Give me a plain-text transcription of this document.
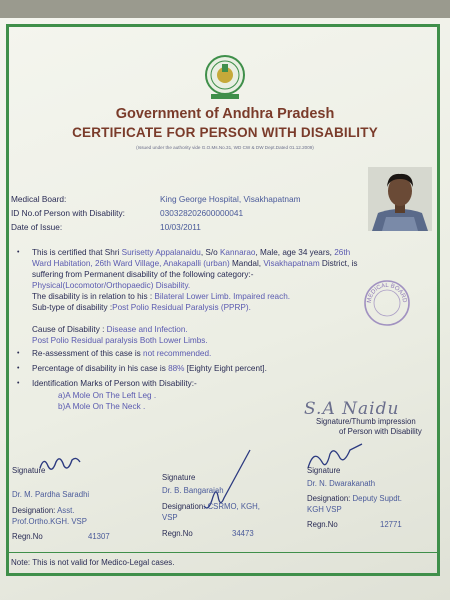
Government of Andhra Pradesh
CERTIFICATE FOR PERSON WITH DISABILITY
(Issued under the authority vide G.O.Ms.No.31, WD CW & DW Dept.Dated 01.12.2009)
Medical Board:	King George Hospital, Visakhapatnam
ID No.of Person with Disability:	030328202600000041
Date of Issue:	10/03/2011
• This is certified that Shri Surisetty Appalanaidu, S/o Kannarao, Male, age 34 years, 26th
Ward Habitation, 26th Ward Village, Anakapalli (urban) Mandal, Visakhapatnam District, is
suffering from Permanent disability of the following category:-
Physical(Locomotor/Orthopaedic) Disability.
The disability is in relation to his : Bilateral Lower Limb. Impaired reach.
Sub-type of disability :Post Polio Residual Paralysis (PPRP).
MEDICAL BOARD
Cause of Disability : Disease and Infection.
Post Polio Residual paralysis Both Lower Limbs.
• Re-assessment of this case is not recommended.
• Percentage of disability in his case is 88% [Eighty Eight percent].
• Identification Marks of Person with Disability:-
a)A Mole On The Left Leg .
b)A Mole On The Neck .	S.A Naidu
Signature/Thumb impression
of Person with Disability
Signature
Dr. M. Pardha Saradhi
Designation: Asst.
Prof.Ortho.KGH. VSP
Regn.No	41307
Signature
Dr. B. Bangaraiah
Designation: CSRMO, KGH,
VSP
Regn.No	34473
Signature
Dr. N. Dwarakanath
Designation: Deputy Supdt.
KGH VSP
Regn.No	12771
Note: This is not valid for Medico-Legal cases.
